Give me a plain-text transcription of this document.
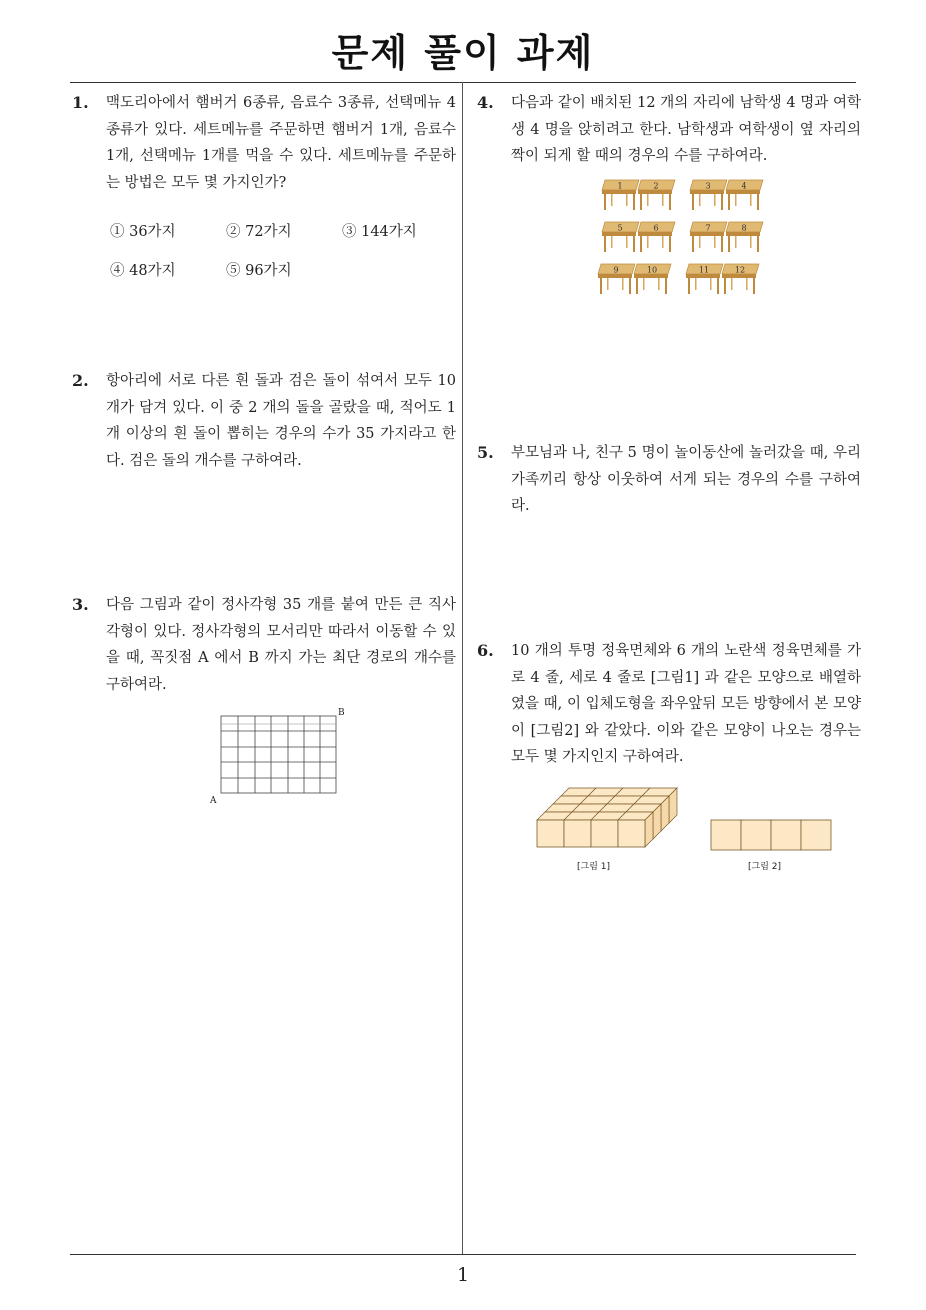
문제 풀이 과제
1
1. 맥도리아에서 햄버거 6종류, 음료수 3종류, 선택메뉴 4종류가 있다. 세트메뉴를 주문하면 햄버거 1개, 음료수 1개, 선택메뉴 1개를 먹을 수 있다. 세트메뉴를 주문하는 방법은 모두 몇 가지인가?
① 36가지	② 72가지	③ 144가지
④ 48가지	⑤ 96가지
2. 항아리에 서로 다른 흰 돌과 검은 돌이 섞여서 모두 10개가 담겨 있다. 이 중 2 개의 돌을 골랐을 때, 적어도 1 개 이상의 흰 돌이 뽑히는 경우의 수가 35 가지라고 한다. 검은 돌의 개수를 구하여라.
3. 다음 그림과 같이 정사각형 35 개를 붙여 만든 큰 직사각형이 있다. 정사각형의 모서리만 따라서 이동할 수 있을 때, 꼭짓점 A 에서 B 까지 가는 최단 경로의 개수를 구하여라.
A
B
4. 다음과 같이 배치된 12 개의 자리에 남학생 4 명과 여학생 4 명을 앉히려고 한다. 남학생과 여학생이 옆 자리의 짝이 되게 할 때의 경우의 수를 구하여라.
1	2	3	4
5	6	7	8
9	10	11	12
5. 부모님과 나, 친구 5 명이 놀이동산에 놀러갔을 때, 우리 가족끼리 항상 이웃하여 서게 되는 경우의 수를 구하여라.
6. 10 개의 투명 정육면체와 6 개의 노란색 정육면체를 가로 4 줄, 세로 4 줄로 [그림1] 과 같은 모양으로 배열하였을 때, 이 입체도형을 좌우앞뒤 모든 방향에서 본 모양이 [그림2] 와 같았다. 이와 같은 모양이 나오는 경우는 모두 몇 가지인지 구하여라.
[그림 1]	[그림 2]
